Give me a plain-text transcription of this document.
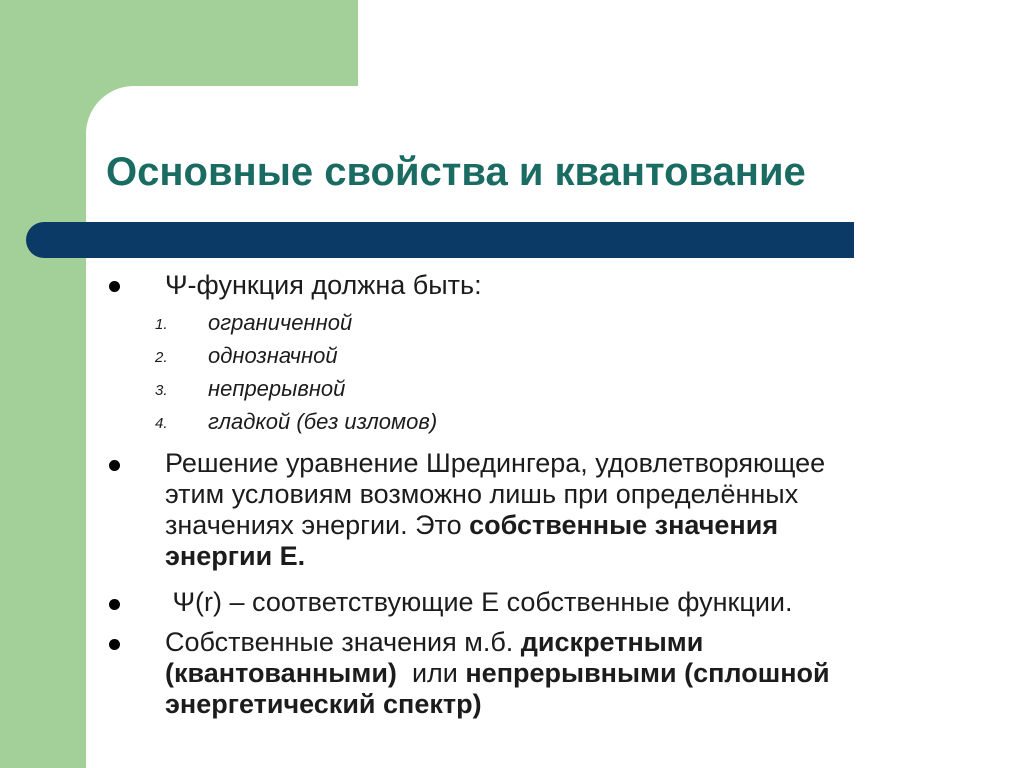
Основные свойства и квантование

Ψ-функция должна быть:

1. ограниченной
2. однозначной
3. непрерывной
4. гладкой (без изломов)

Решение уравнение Шредингера, удовлетворяющее

этим условиям возможно лишь при определённых

значениях энергии. Это собственные значения

энергии Е.

Ψ(r) – соответствующие Е собственные функции.

Собственные значения м.б. дискретными

(квантованными)  или непрерывными (сплошной

энергетический спектр)
